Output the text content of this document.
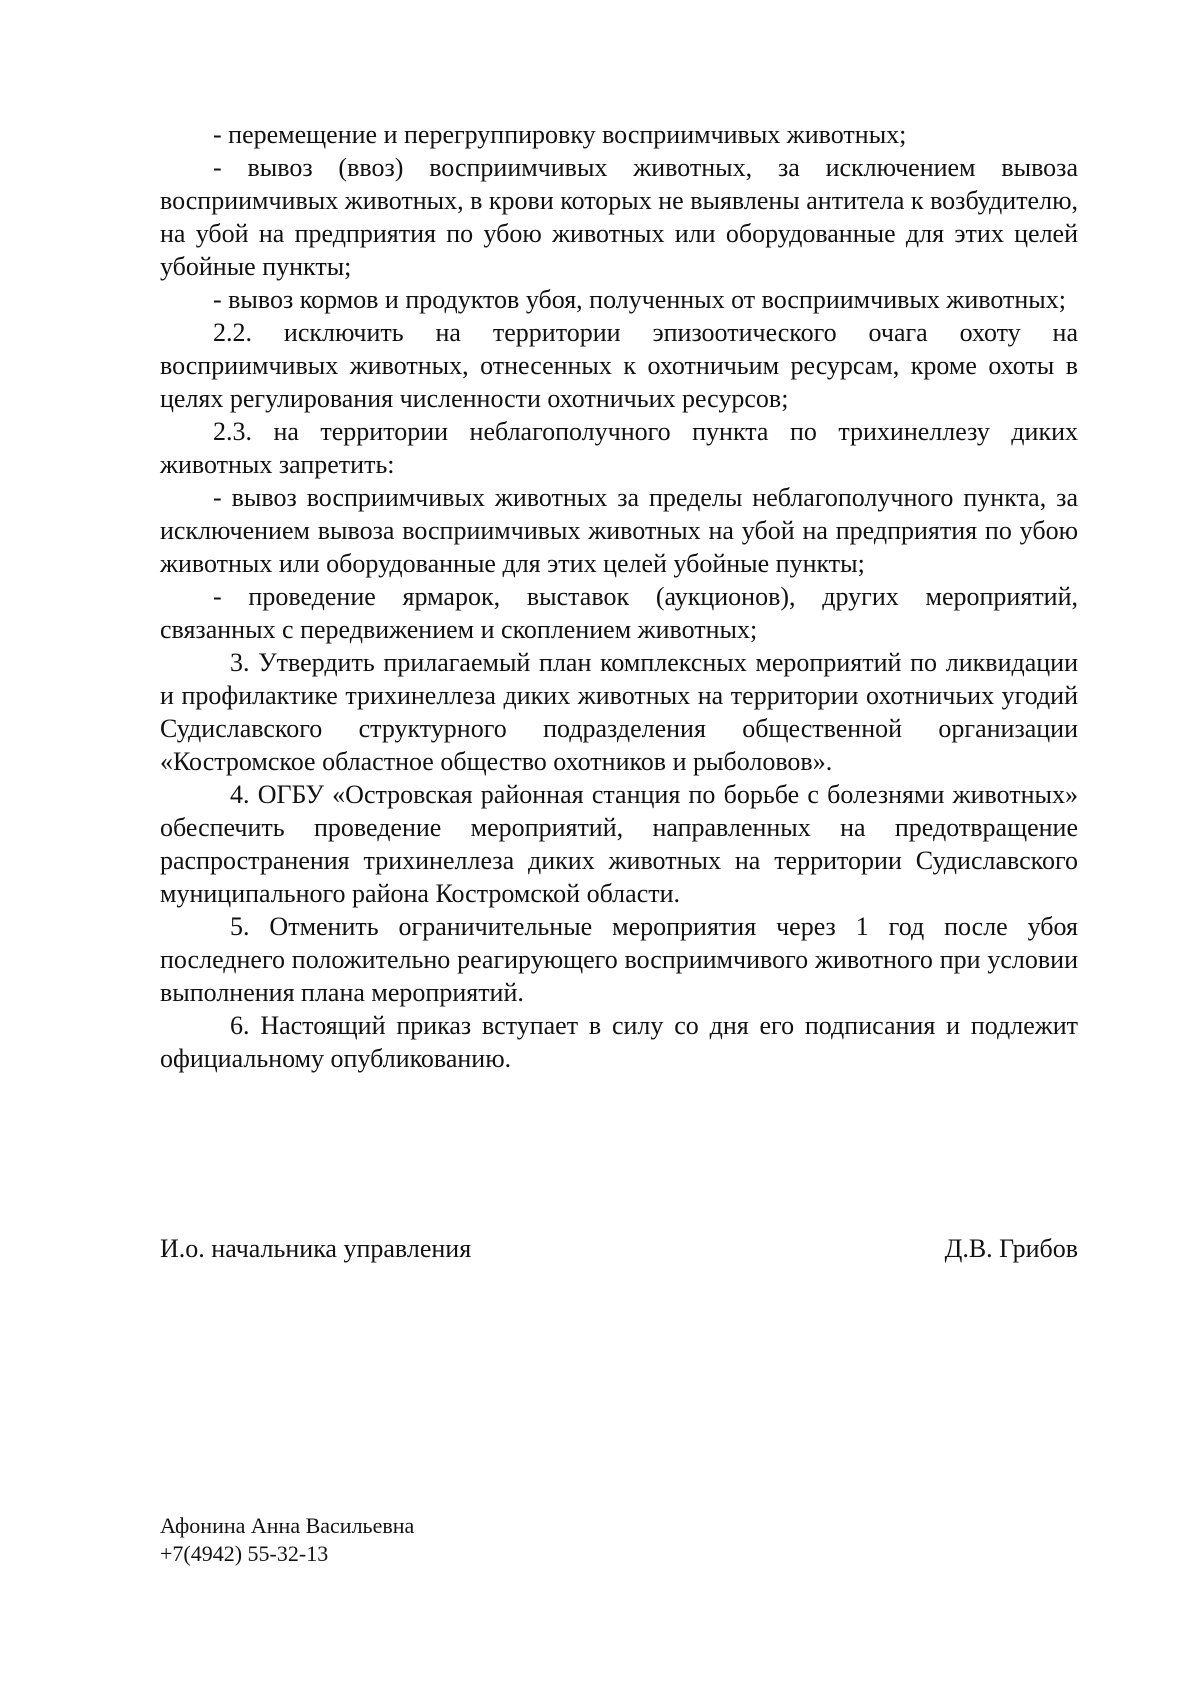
- перемещение и перегруппировку восприимчивых животных;

- вывоз (ввоз) восприимчивых животных, за исключением вывоза восприимчивых животных, в крови которых не выявлены антитела к возбудителю, на убой на предприятия по убою животных или оборудованные для этих целей убойные пункты;

- вывоз кормов и продуктов убоя, полученных от восприимчивых животных;

2.2. исключить на территории эпизоотического очага охоту на восприимчивых животных, отнесенных к охотничьим ресурсам, кроме охоты в целях регулирования численности охотничьих ресурсов;

2.3. на территории неблагополучного пункта по трихинеллезу диких животных запретить:

- вывоз восприимчивых животных за пределы неблагополучного пункта, за исключением вывоза восприимчивых животных на убой на предприятия по убою животных или оборудованные для этих целей убойные пункты;

- проведение ярмарок, выставок (аукционов), других мероприятий, связанных с передвижением и скоплением животных;

3. Утвердить прилагаемый план комплексных мероприятий по ликвидации и профилактике трихинеллеза диких животных на территории охотничьих угодий Судиславского структурного подразделения общественной организации «Костромское областное общество охотников и рыболовов».

4. ОГБУ «Островская районная станция по борьбе с болезнями животных» обеспечить проведение мероприятий, направленных на предотвращение распространения трихинеллеза диких животных на территории Судиславского муниципального района Костромской области.

5. Отменить ограничительные мероприятия через 1 год после убоя последнего положительно реагирующего восприимчивого животного при условии выполнения плана мероприятий.

6. Настоящий приказ вступает в силу со дня его подписания и подлежит официальному опубликованию.

И.о. начальника управления	Д.В. Грибов
Афонина Анна Васильевна
+7(4942) 55-32-13
